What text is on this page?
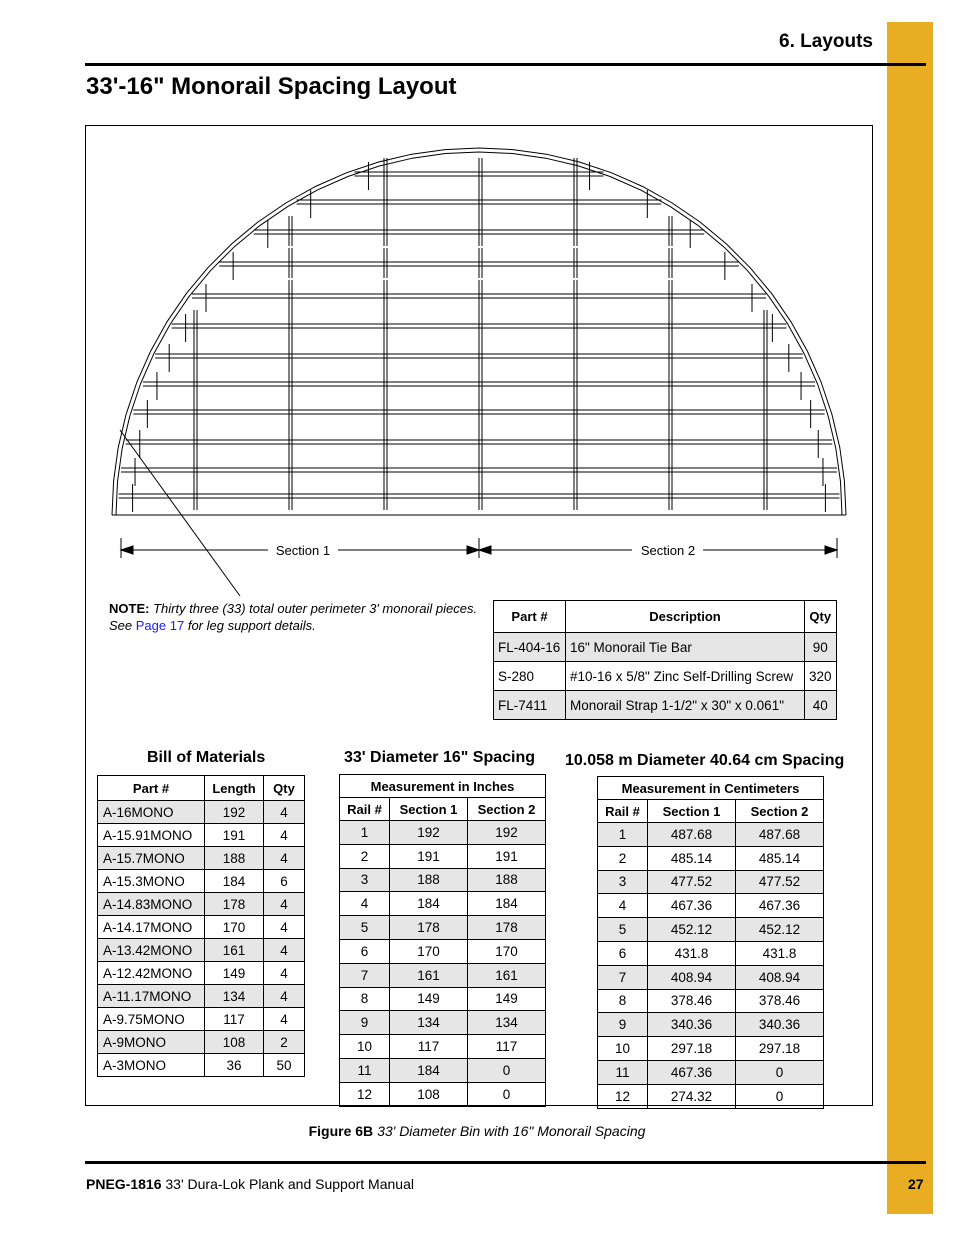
6. Layouts
33'-16" Monorail Spacing Layout
Section 1	Section 2
NOTE: Thirty three (33) total outer perimeter 3' monorail pieces. See Page 17 for leg support details.
Part #	Description	Qty
FL-404-16	16" Monorail Tie Bar	90
S-280	#10-16 x 5/8" Zinc Self-Drilling Screw	320
FL-7411	Monorail Strap 1-1/2" x 30" x 0.061"	40
Bill of Materials	33' Diameter 16" Spacing 10.058 m Diameter 40.64 cm Spacing
Part #	Length	Qty
A-16MONO	192	4
A-15.91MONO	191	4
A-15.7MONO	188	4
A-15.3MONO	184	6
A-14.83MONO	178	4
A-14.17MONO	170	4
A-13.42MONO	161	4
A-12.42MONO	149	4
A-11.17MONO	134	4
A-9.75MONO	117	4
A-9MONO	108	2
A-3MONO	36	50
Measurement in Inches		
Rail #	Section 1	Section 2
1	192	192
2	191	191
3	188	188
4	184	184
5	178	178
6	170	170
7	161	161
8	149	149
9	134	134
10	117	117
11	184	0
12	108	0
Measurement in Centimeters		
Rail #	Section 1	Section 2
1	487.68	487.68
2	485.14	485.14
3	477.52	477.52
4	467.36	467.36
5	452.12	452.12
6	431.8	431.8
7	408.94	408.94
8	378.46	378.46
9	340.36	340.36
10	297.18	297.18
11	467.36	0
12	274.32	0
Figure 6B 33' Diameter Bin with 16" Monorail Spacing
PNEG-1816 33' Dura-Lok Plank and Support Manual	27
